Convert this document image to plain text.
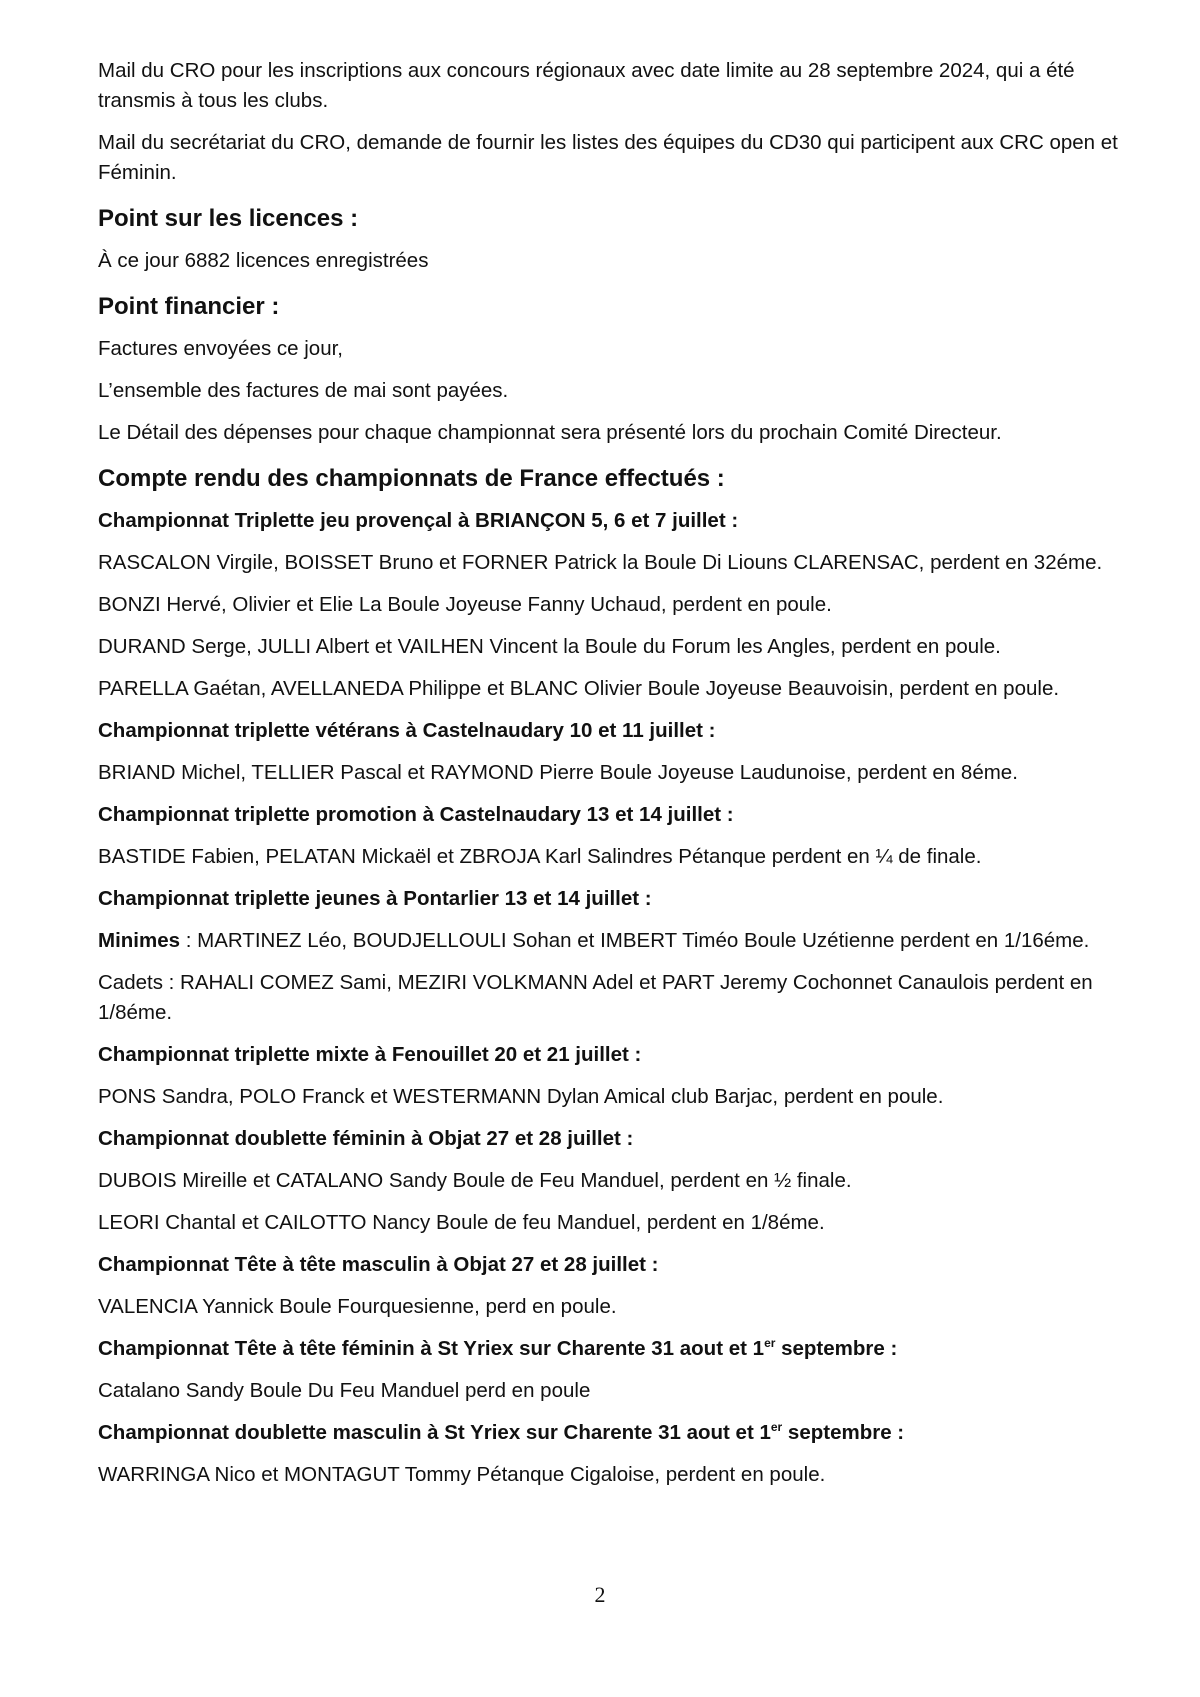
Mail du CRO pour les inscriptions aux concours régionaux avec date limite au 28 septembre 2024, qui a été transmis à tous les clubs.

Mail du secrétariat du CRO, demande de fournir les listes des équipes du CD30 qui participent aux CRC open et Féminin.

Point sur les licences :

À ce jour 6882 licences enregistrées

Point financier :

Factures envoyées ce jour,

L’ensemble des factures de mai sont payées.

Le Détail des dépenses pour chaque championnat sera présenté lors du prochain Comité Directeur.

Compte rendu des championnats de France effectués :
Championnat Triplette jeu provençal à BRIANÇON 5, 6 et 7 juillet :

RASCALON Virgile, BOISSET Bruno et FORNER Patrick la Boule Di Liouns CLARENSAC, perdent en 32éme.

BONZI Hervé, Olivier et Elie La Boule Joyeuse Fanny Uchaud, perdent en poule.

DURAND Serge, JULLI Albert et VAILHEN Vincent la Boule du Forum les Angles, perdent en poule.

PARELLA Gaétan, AVELLANEDA Philippe et BLANC Olivier Boule Joyeuse Beauvoisin, perdent en poule.

Championnat triplette vétérans à Castelnaudary 10 et 11 juillet :

BRIAND Michel, TELLIER Pascal et RAYMOND Pierre Boule Joyeuse Laudunoise, perdent en 8éme.

Championnat triplette promotion à Castelnaudary 13 et 14 juillet :

BASTIDE Fabien, PELATAN Mickaël et ZBROJA Karl Salindres Pétanque perdent en ¼ de finale.

Championnat triplette jeunes à Pontarlier 13 et 14 juillet :

Minimes : MARTINEZ Léo, BOUDJELLOULI Sohan et IMBERT Timéo Boule Uzétienne perdent en 1/16éme.

Cadets : RAHALI COMEZ Sami, MEZIRI VOLKMANN Adel et PART Jeremy Cochonnet Canaulois perdent en 1/8éme.

Championnat triplette mixte à Fenouillet 20 et 21 juillet :

PONS Sandra, POLO Franck et WESTERMANN Dylan Amical club Barjac, perdent en poule.

Championnat doublette féminin à Objat 27 et 28 juillet :

DUBOIS Mireille et CATALANO Sandy Boule de Feu Manduel, perdent en ½ finale.

LEORI Chantal et CAILOTTO Nancy Boule de feu Manduel, perdent en 1/8éme.

Championnat Tête à tête masculin à Objat 27 et 28 juillet :

VALENCIA Yannick Boule Fourquesienne, perd en poule.

Championnat Tête à tête féminin à St Yriex sur Charente 31 aout et 1er septembre :

Catalano Sandy Boule Du Feu Manduel perd en poule

Championnat doublette masculin à St Yriex sur Charente 31 aout et 1er septembre :

WARRINGA Nico et MONTAGUT Tommy Pétanque Cigaloise, perdent en poule.

2
